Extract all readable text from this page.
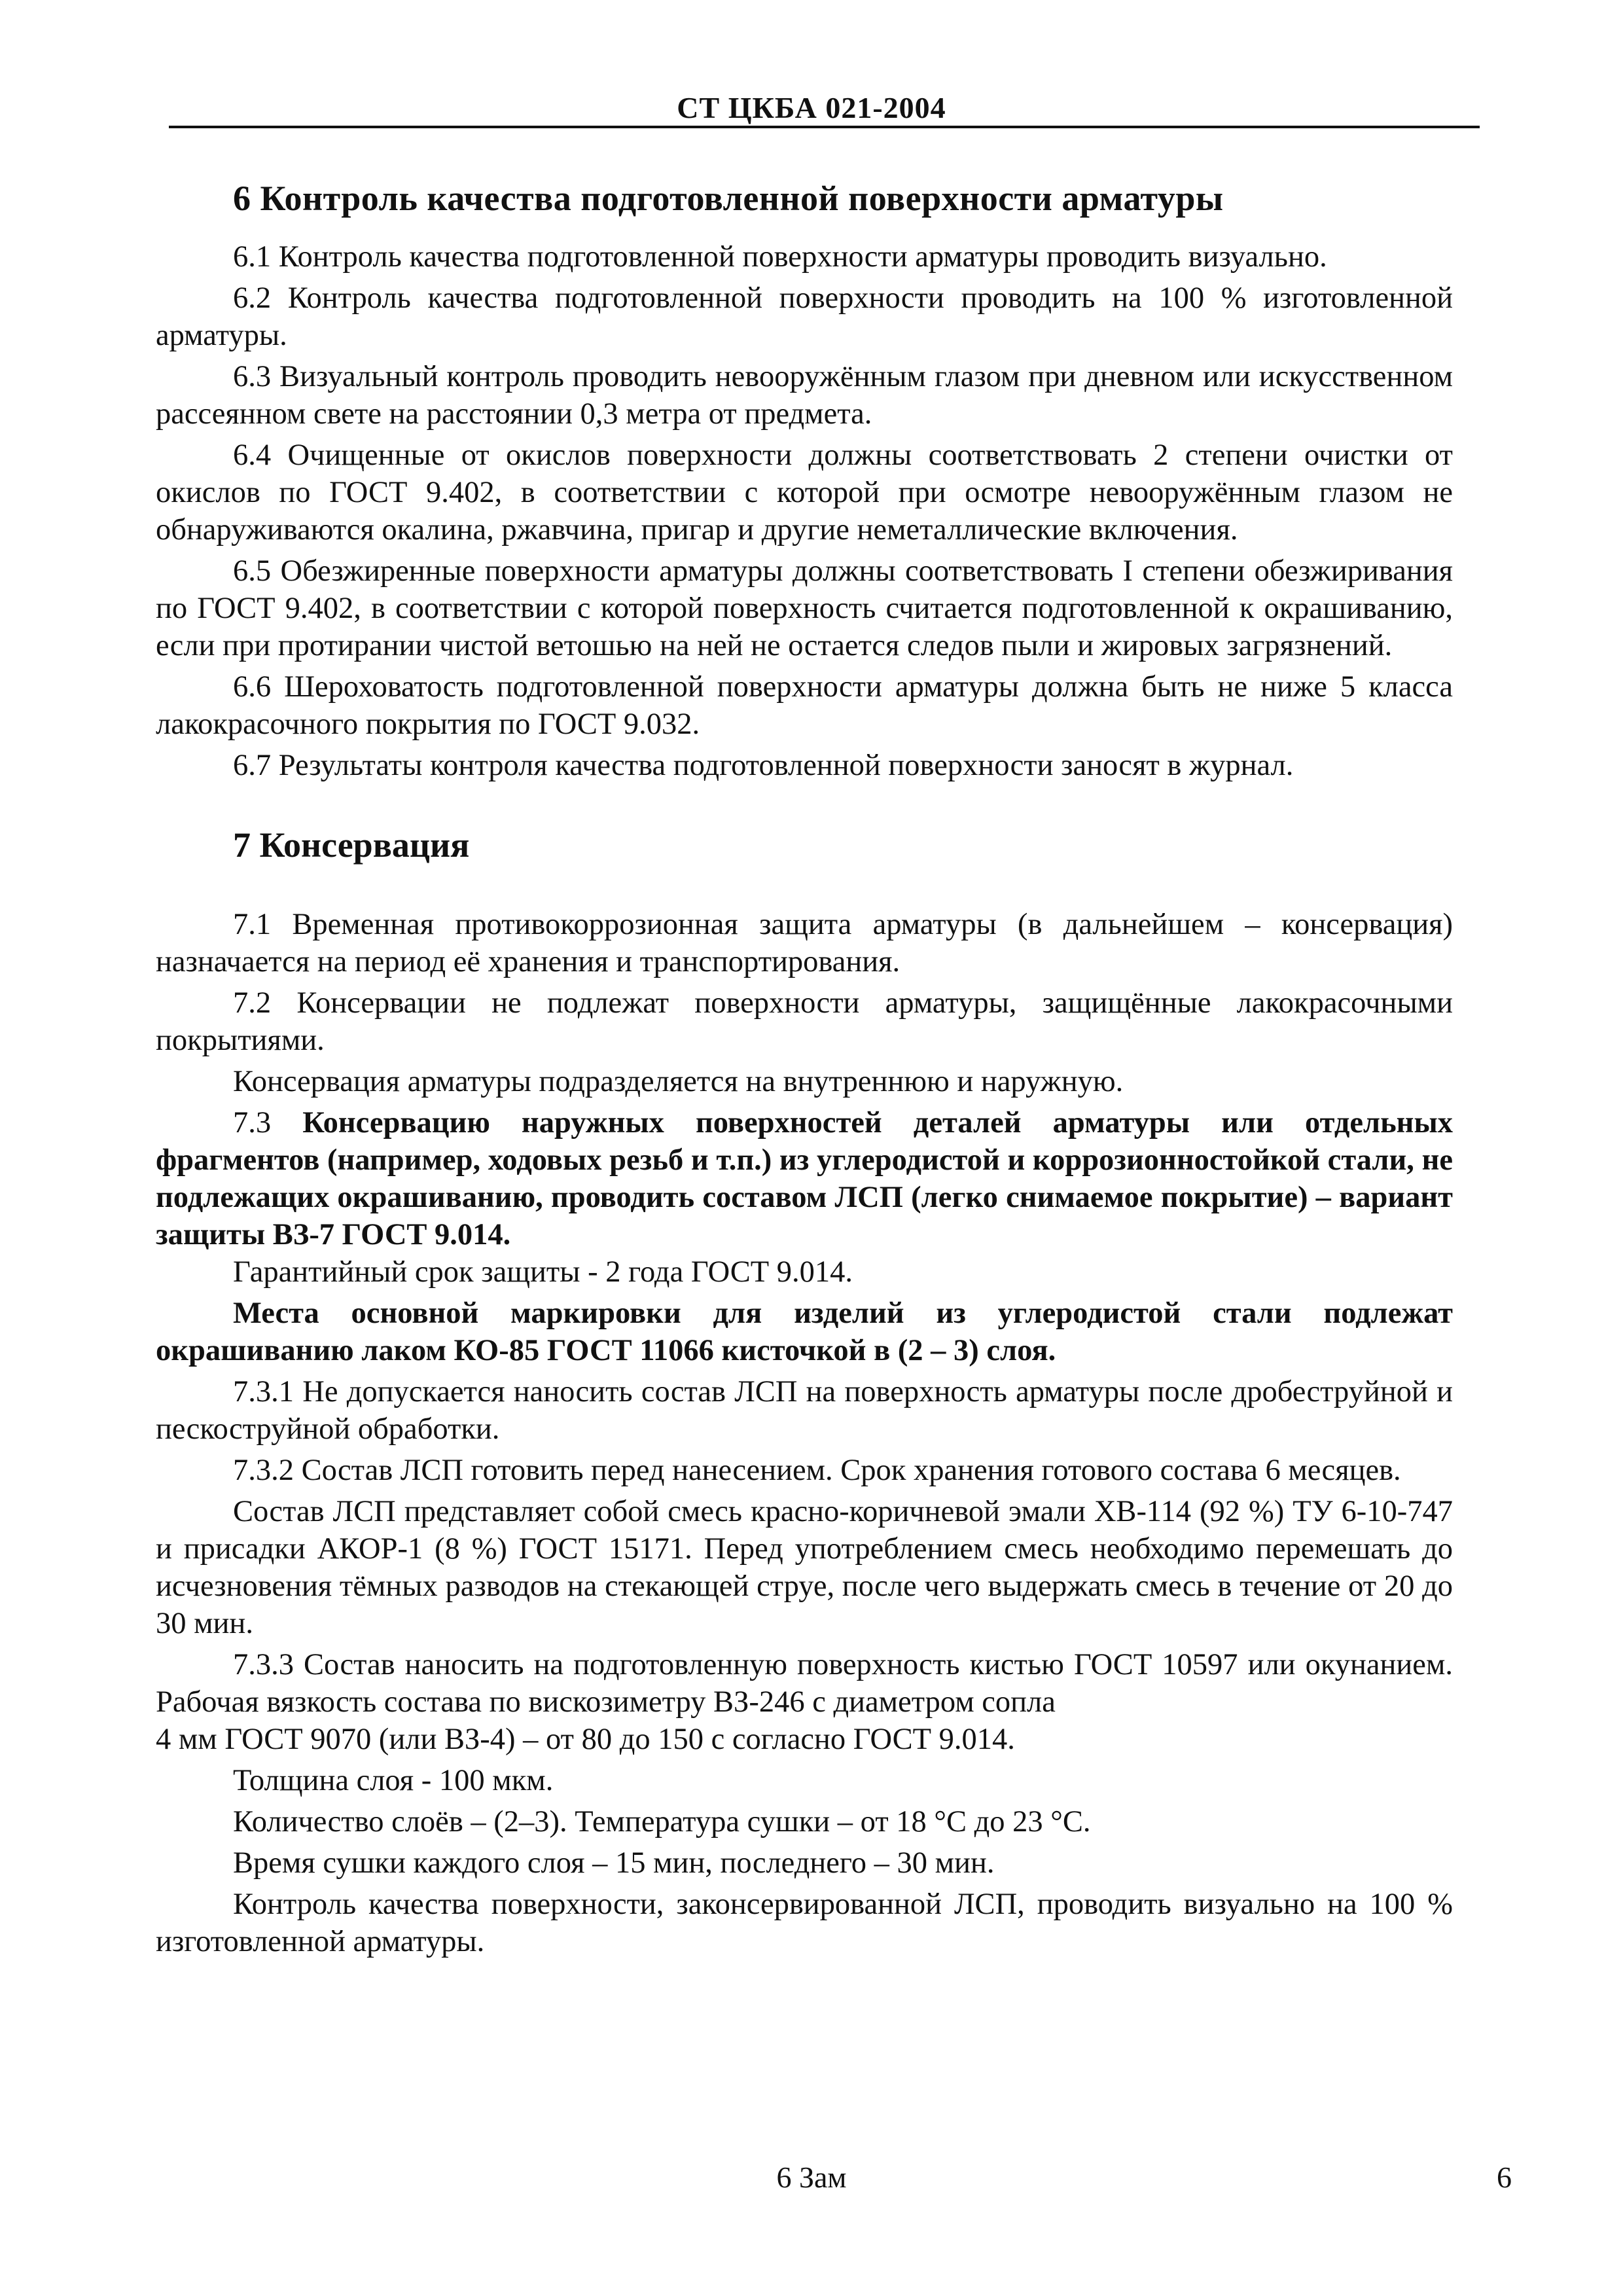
СТ ЦКБА 021-2004
6 Контроль качества подготовленной поверхности арматуры

6.1 Контроль качества подготовленной поверхности арматуры проводить визуально.

6.2 Контроль качества подготовленной поверхности проводить на 100 % изготовленной арматуры.

6.3 Визуальный контроль проводить невооружённым глазом при дневном или искусственном рассеянном свете на расстоянии 0,3 метра от предмета.

6.4 Очищенные от окислов поверхности должны соответствовать 2 степени очистки от окислов по ГОСТ 9.402, в соответствии с которой при осмотре невооружённым глазом не обнаруживаются окалина, ржавчина, пригар и другие неметаллические включения.

6.5 Обезжиренные поверхности арматуры должны соответствовать I степени обезжиривания по ГОСТ 9.402, в соответствии с которой поверхность считается подготовленной к окрашиванию, если при протирании чистой ветошью на ней не остается следов пыли и жировых загрязнений.

6.6 Шероховатость подготовленной поверхности арматуры должна быть не ниже 5 класса лакокрасочного покрытия по ГОСТ 9.032.

6.7 Результаты контроля качества подготовленной поверхности заносят в журнал.

7 Консервация

7.1 Временная противокоррозионная защита арматуры (в дальнейшем – консервация) назначается на период её хранения и транспортирования.

7.2 Консервации не подлежат поверхности арматуры, защищённые лакокрасочными покрытиями.

Консервация арматуры подразделяется на внутреннюю и наружную.

7.3 Консервацию наружных поверхностей деталей арматуры или отдельных фрагментов (например, ходовых резьб и т.п.) из углеродистой и коррозионностойкой стали, не подлежащих окрашиванию, проводить составом ЛСП (легко снимаемое покрытие) – вариант защиты ВЗ-7 ГОСТ 9.014.

Гарантийный срок защиты - 2 года ГОСТ 9.014.

Места основной маркировки для изделий из углеродистой стали подлежат окрашиванию лаком КО-85 ГОСТ 11066 кисточкой в (2 – 3) слоя.

7.3.1 Не допускается наносить состав ЛСП на поверхность арматуры после дробеструйной и пескоструйной обработки.

7.3.2 Состав ЛСП готовить перед нанесением. Срок хранения готового состава 6 месяцев.

Состав ЛСП представляет собой смесь красно-коричневой эмали ХВ-114 (92 %) ТУ 6-10-747 и присадки АКОР-1 (8 %) ГОСТ 15171. Перед употреблением смесь необходимо перемешать до исчезновения тёмных разводов на стекающей струе, после чего выдержать смесь в течение от 20 до 30 мин.

7.3.3 Состав наносить на подготовленную поверхность кистью ГОСТ 10597 или окунанием. Рабочая вязкость состава по вискозиметру ВЗ-246 с диаметром сопла

4 мм ГОСТ 9070 (или ВЗ-4) – от 80 до 150 с согласно ГОСТ 9.014.

Толщина слоя - 100 мкм.

Количество слоёв – (2–3). Температура сушки – от 18 °С до 23 °С.

Время сушки каждого слоя – 15 мин, последнего – 30 мин.

Контроль качества поверхности, законсервированной ЛСП, проводить визуально на 100 % изготовленной арматуры.

6 Зам	6
